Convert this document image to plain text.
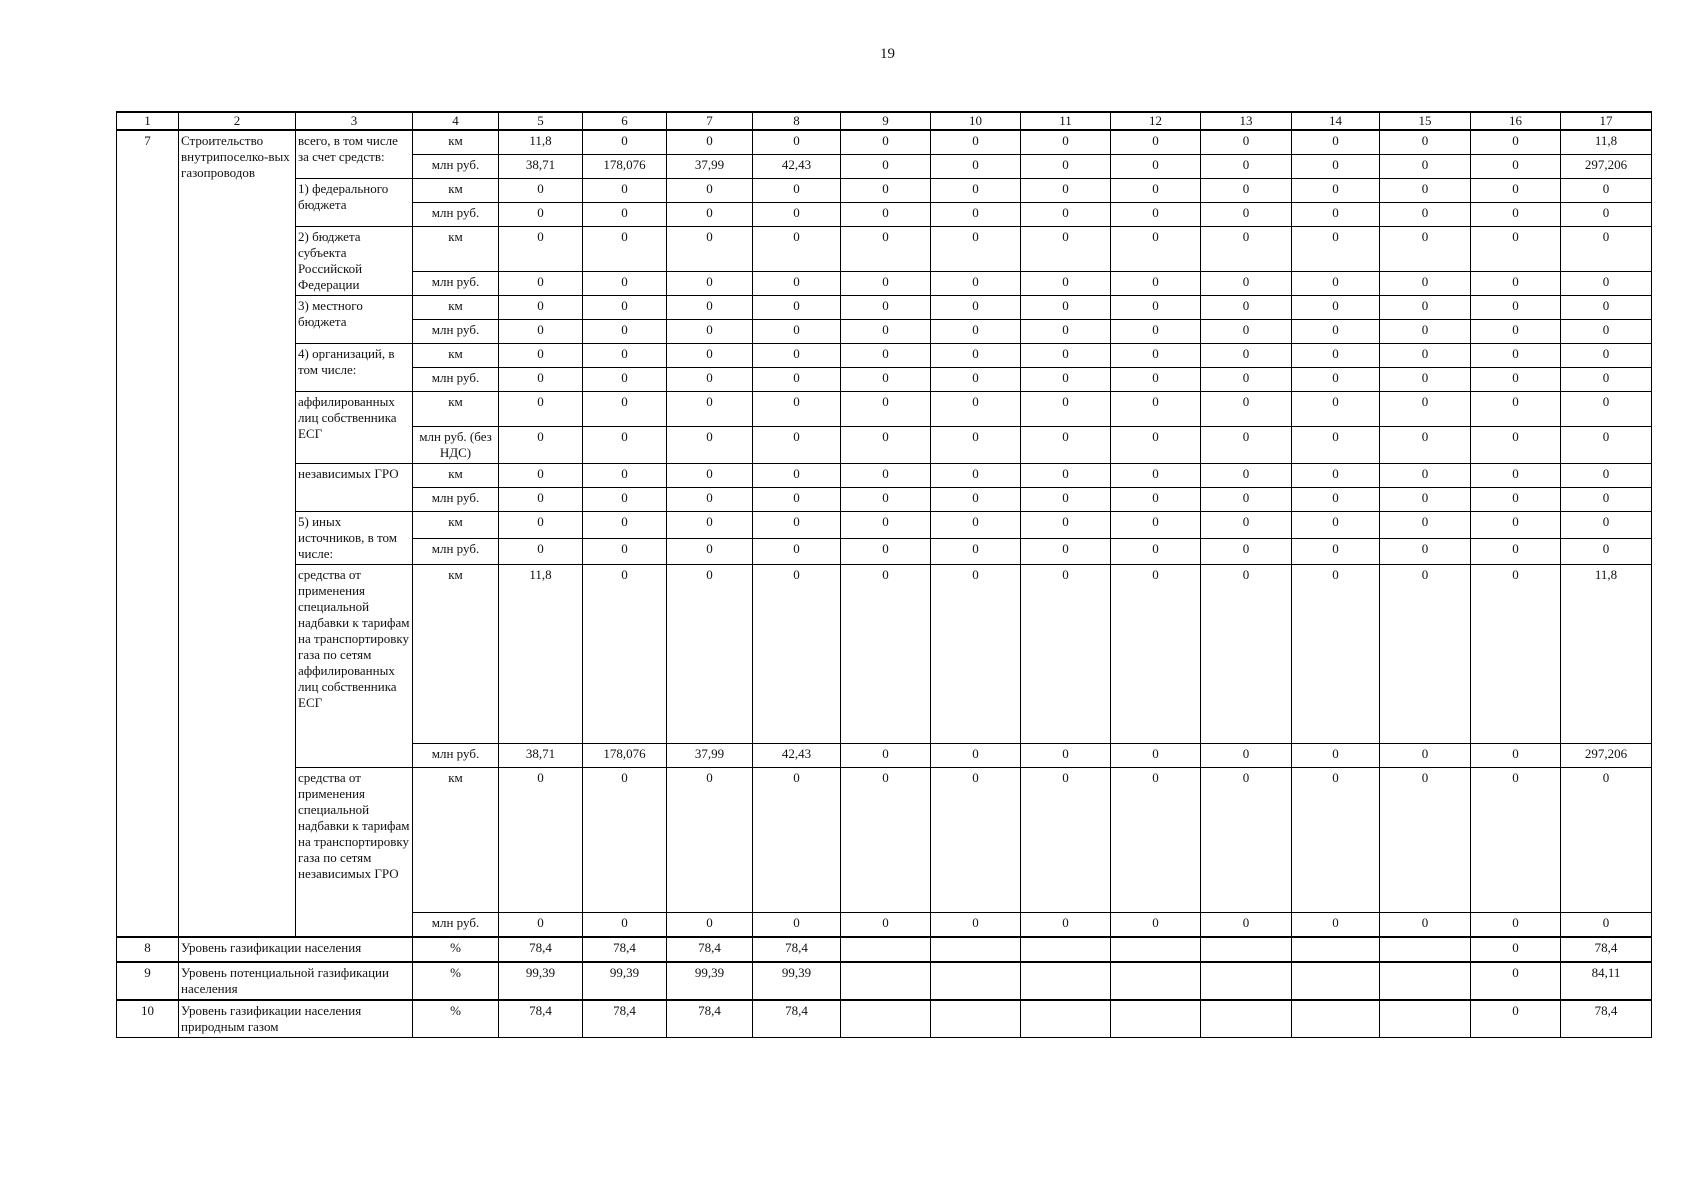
19
1	2	3	4	5	6	7	8	9	10	11	12	13	14	15	16	17
7	Строительство внутрипоселко-вых газопроводов	всего, в том числе за счет средств:	км	11,8	0	0	0	0	0	0	0	0	0	0	0	11,8
			млн руб.	38,71	178,076	37,99	42,43	0	0	0	0	0	0	0	0	297,206
		1) федерального бюджета	км	0	0	0	0	0	0	0	0	0	0	0	0	0
			млн руб.	0	0	0	0	0	0	0	0	0	0	0	0	0
		2) бюджета субъекта Российской Федерации	км	0	0	0	0	0	0	0	0	0	0	0	0	0
			млн руб.	0	0	0	0	0	0	0	0	0	0	0	0	0
		3) местного бюджета	км	0	0	0	0	0	0	0	0	0	0	0	0	0
			млн руб.	0	0	0	0	0	0	0	0	0	0	0	0	0
		4) организаций, в том числе:	км	0	0	0	0	0	0	0	0	0	0	0	0	0
			млн руб.	0	0	0	0	0	0	0	0	0	0	0	0	0
		аффилированных лиц собственника ЕСГ	км	0	0	0	0	0	0	0	0	0	0	0	0	0
			млн руб. (без НДС)	0	0	0	0	0	0	0	0	0	0	0	0	0
		независимых ГРО	км	0	0	0	0	0	0	0	0	0	0	0	0	0
			млн руб.	0	0	0	0	0	0	0	0	0	0	0	0	0
		5) иных источников, в том числе:	км	0	0	0	0	0	0	0	0	0	0	0	0	0
			млн руб.	0	0	0	0	0	0	0	0	0	0	0	0	0
		средства от применения специальной надбавки к тарифам на транспортировку газа по сетям аффилированных лиц собственника ЕСГ	км	11,8	0	0	0	0	0	0	0	0	0	0	0	11,8
			млн руб.	38,71	178,076	37,99	42,43	0	0	0	0	0	0	0	0	297,206
		средства от применения специальной надбавки к тарифам на транспортировку газа по сетям независимых ГРО	км	0	0	0	0	0	0	0	0	0	0	0	0	0
			млн руб.	0	0	0	0	0	0	0	0	0	0	0	0	0
8	Уровень газификации населения		%	78,4	78,4	78,4	78,4								0	78,4
9	Уровень потенциальной газификации населения		%	99,39	99,39	99,39	99,39								0	84,11
10	Уровень газификации населения природным газом		%	78,4	78,4	78,4	78,4								0	78,4
